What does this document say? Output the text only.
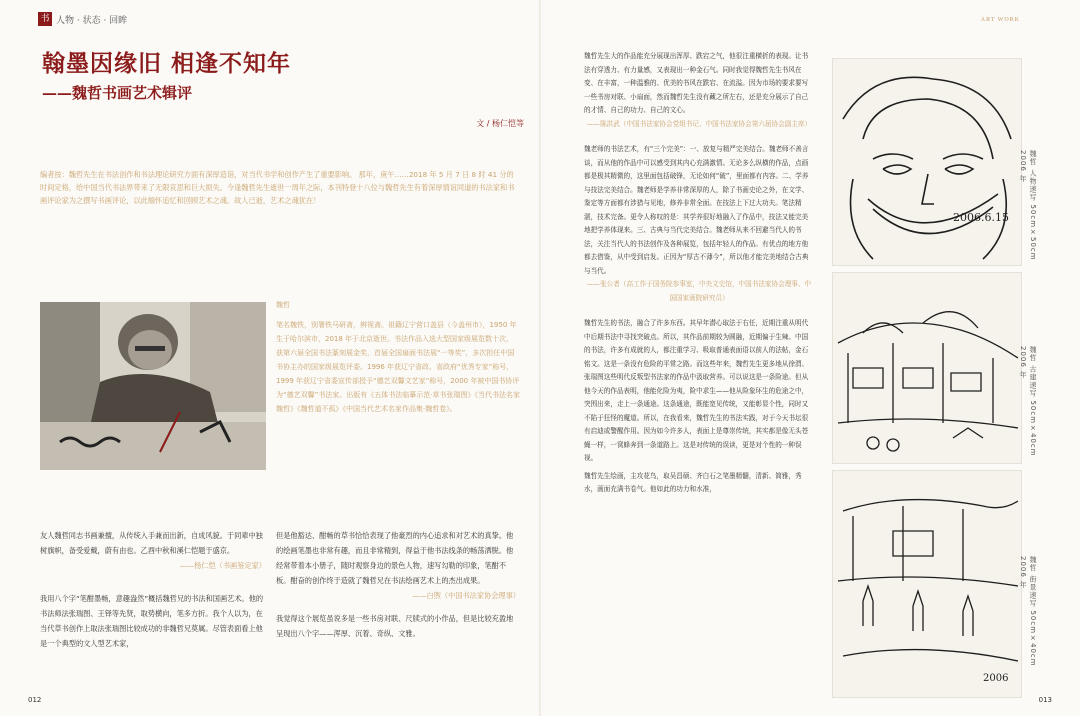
书 人物 · 状态 · 回眸	ART WORK
翰墨因缘旧 相逢不知年
——魏哲书画艺术辑评
文 / 杨仁恺等
编者按：魏哲先生在书法创作和书法理论研究方面有深厚造诣，对当代书学和创作产生了重要影响。 那年，庚午……2018 年 5 月 7 日 8 时 41 分的时间定格，给中国当代书法界带来了无限哀思和巨大损失。今逢魏哲先生逝世一周年之际，本刊特登十八位与魏哲先生有着深厚情谊同道的书法家和书画评论家为之撰写书画评论，以此缅怀追忆和回顾艺术之魂。故人已逝，艺术之魂犹在！
魏哲
笔名魏铁，别署铁马研斋，辨视斋。祖籍辽宁营口盖县（今盖州市），1950 年生于哈尔滨市，2018 年于北京逝世。书法作品入选大型国家级展览数十次，获第六届全国书法篆刻展金奖，首届全国扇面书法展“一等奖”，多次担任中国书协主办的国家级展览评委。1996 年获辽宁省政、省政府“优秀专家”称号，1999 年获辽宁省委宣传部授予“德艺双馨文艺家”称号，2000 年被中国书协评为“德艺双馨”书法家。出版有《五体书法临摹示范·草书张瑞图》《当代书法名家魏哲》《魏哲道不孤》《中国当代艺术名家作品集·魏哲卷》。

友人魏哲同志书画兼擅，从传统入手兼而出新，自成风貌。于同辈中独树旗帜，备受爱戴，蔚有由也。乙酉中秋和溪仁恺题于盛京。

——杨仁恺（书画鉴定家）

我用八个字“笔酣墨畅，意趣盎然”概括魏哲兄的书法和国画艺术。他的书法师法张瑞图、王铎等先贤，取势横向，笔多方折。我个人以为，在当代草书创作上取法张瑞图比较成功的非魏哲兄莫属。尽管表面看上他是一个典型的文人型艺术家，

但是他豁达、酣畅的草书恰恰表现了他豪烈的内心追求和对艺术的真挚。他的绘画笔墨也非常有趣，而且非常精到，得益于他书法线条的畅荡洒脱。他经常带着本小册子，随时观察身边的景色人物，速写勾勒的印象，笔酣不板。酣奋的创作终于造就了魏哲兄在书法绘画艺术上的杰出成果。

——白煦（中国书法家协会理事）

我觉得这个展览虽说多是一些书房对联、尺牍式的小作品，但是比较充盈地呈现出八个字——浑厚、沉着、奇纵、文雅。

魏哲先生大的作品能充分展现出浑厚、跌宕之气，他很注重横折的表现。让书法有穿透力、有力量感，又表现出一种金石气。同时我觉得魏哲先生书风在变、在丰富，一种温雅的、优美的书风在跌宕、在流溢。因为市场的要求要写一些书房对联、小扇面，然而魏哲先生没有藏之所左右，还是充分展示了自己的才情、自己的功力、自己的文心。

——陈洪武（中国书法家协会党组书记、中国书法家协会第六届协会副主席）

魏老师的书法艺术，有“三个完美”：一、放复与精严完美结合。魏老师不善言谈，而从他的作品中可以感受到其内心充满激情。无论多么纵横的作品，点画都是极其精微的，这里面包括破锋，无论如何“破”，里面都有内容。二、学养与技法完美结合。魏老师是学养非常深厚的人，除了书画史论之外，在文学、鉴定等方面都有涉猎与见地，修养非常全面。在技法上下过大功夫。笔法精湛，技术完备。更令人称叹的是：其学养很好地融入了作品中，技法又能完美地把学养体现来。三、古典与当代完美结合。魏老师从来不回避当代人的书法，关注当代人的书法创作及各种展览，包括年轻人的作品。有优点的地方他都去借鉴，从中受到启发。正因为“厚古不薄今”，所以他才能完美地结合古典与当代。

——张公者（高工作于国务院参事室，中央文史馆，中国书法家协会理事、中国国家画院研究员）

魏哲先生的书法，融合了许多东西。其早年潜心取法于右任，近期注重从明代中后期书法中寻找突破点。所以，其作品前期较为圆融，近期偏于生辣。中国的书法，许多有成就的人，都注重学习、吸取普通表面语以前人的法帖，金石铭文。这是一条没有危险的平常之路。而这些年来，魏哲先生更多地从徐渭、张瑞图这些明代反叛型书法家的作品中汲取营养。可以说这是一条险途。但从他今天的作品表明，他能化险为夷，险中求生——他从险象环生的危途之中，突围出来，走上一条通途。这条通途，既能宽见传统，又能彰显个性，同时又不陷于狂怪的魔道。所以，在我看来，魏哲先生的书法实践，对于今天书坛很有启迪或警醒作用。因为如今许多人，表面上是尊崇传统，其实都是像无头苍蝇一样，一窝蜂奔到一条道路上。这是对传统的误读，更是对个性的一种误视。

魏哲先生绘画，主攻花鸟，取吴昌硕、齐白石之笔墨精髓，清新、简雅，秀水，画面充满书卷气。他如此的功力和水准，

2006.6.15	魏哲 人物速写 50cm×50cm 2006 年
魏哲 古建速写 50cm×40cm 2006 年
2006
魏哲 街景速写 50cm×40cm 2006 年
012	013
